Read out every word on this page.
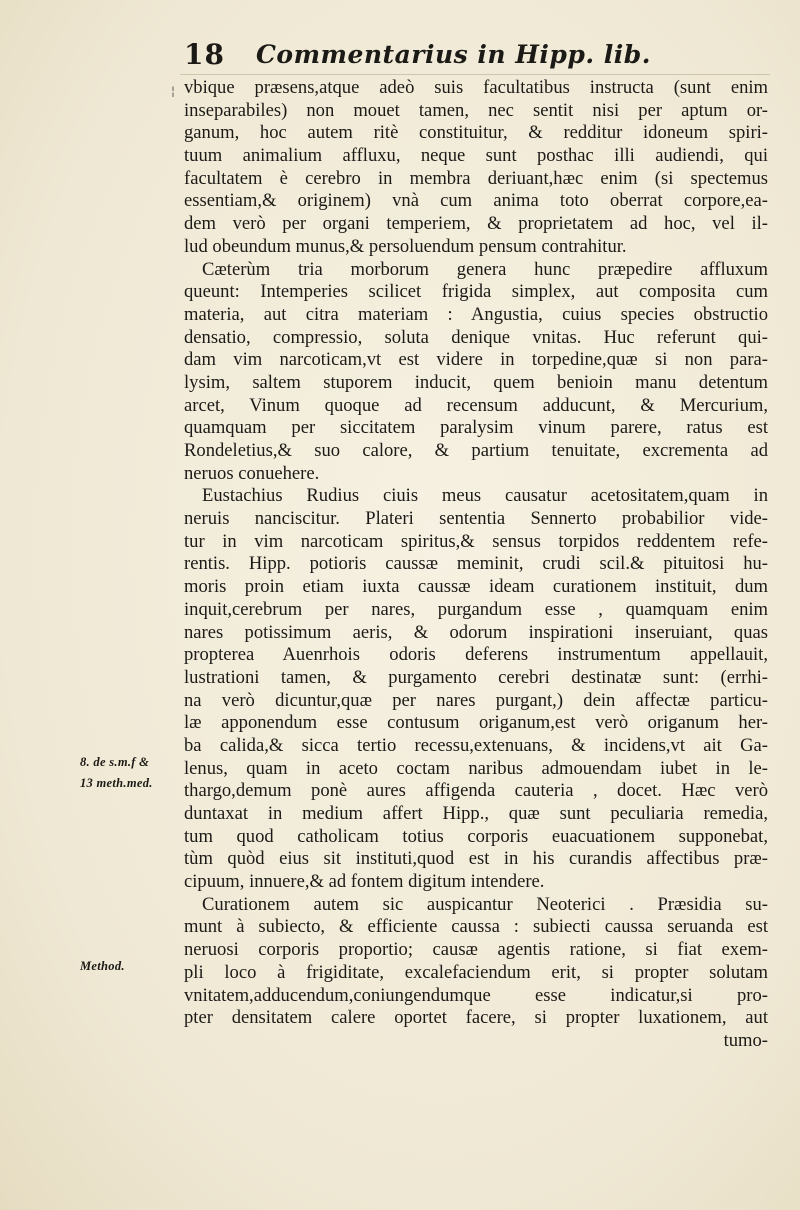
18 Commentarius in Hipp. lib.
¦
8. de s.m.f &
13 meth.med.
Method.
vbique præsens,atque adeò suis facultatibus instructa (sunt enim
inseparabiles) non mouet tamen, nec sentit nisi per aptum or-
ganum, hoc autem ritè constituitur, & redditur idoneum spiri-
tuum animalium affluxu, neque sunt posthac illi audiendi, qui
facultatem è cerebro in membra deriuant,hæc enim (si spectemus
essentiam,& originem) vnà cum anima toto oberrat corpore,ea-
dem verò per organi temperiem, & proprietatem ad hoc, vel il-
lud obeundum munus,& persoluendum pensum contrahitur.
Cæterùm tria morborum genera hunc præpedire affluxum
queunt: Intemperies scilicet frigida simplex, aut composita cum
materia, aut citra materiam : Angustia, cuius species obstructio
densatio, compressio, soluta denique vnitas. Huc referunt qui-
dam vim narcoticam,vt est videre in torpedine,quæ si non para-
lysim, saltem stuporem inducit, quem benioin manu detentum
arcet, Vinum quoque ad recensum adducunt, & Mercurium,
quamquam per siccitatem paralysim vinum parere, ratus est
Rondeletius,& suo calore, & partium tenuitate, excrementa ad
neruos conuehere.
Eustachius Rudius ciuis meus causatur acetositatem,quam in
neruis nanciscitur. Plateri sententia Sennerto probabilior vide-
tur in vim narcoticam spiritus,& sensus torpidos reddentem refe-
rentis. Hipp. potioris caussæ meminit, crudi scil.& pituitosi hu-
moris proin etiam iuxta caussæ ideam curationem instituit, dum
inquit,cerebrum per nares, purgandum esse , quamquam enim
nares potissimum aeris, & odorum inspirationi inseruiant, quas
propterea Auenrhois odoris deferens instrumentum appellauit,
lustrationi tamen, & purgamento cerebri destinatæ sunt: (errhi-
na verò dicuntur,quæ per nares purgant,) dein affectæ particu-
læ apponendum esse contusum origanum,est verò origanum her-
ba calida,& sicca tertio recessu,extenuans, & incidens,vt ait Ga-
lenus, quam in aceto coctam naribus admouendam iubet in le-
thargo,demum ponè aures affigenda cauteria , docet. Hæc verò
duntaxat in medium affert Hipp., quæ sunt peculiaria remedia,
tum quod catholicam totius corporis euacuationem supponebat,
tùm quòd eius sit instituti,quod est in his curandis affectibus præ-
cipuum, innuere,& ad fontem digitum intendere.
Curationem autem sic auspicantur Neoterici . Præsidia su-
munt à subiecto, & efficiente caussa : subiecti caussa seruanda est
neruosi corporis proportio; causæ agentis ratione, si fiat exem-
pli loco à frigiditate, excalefaciendum erit, si propter solutam
vnitatem,adducendum,coniungendumque esse indicatur,si pro-
pter densitatem calere oportet facere, si propter luxationem, aut
tumo-
